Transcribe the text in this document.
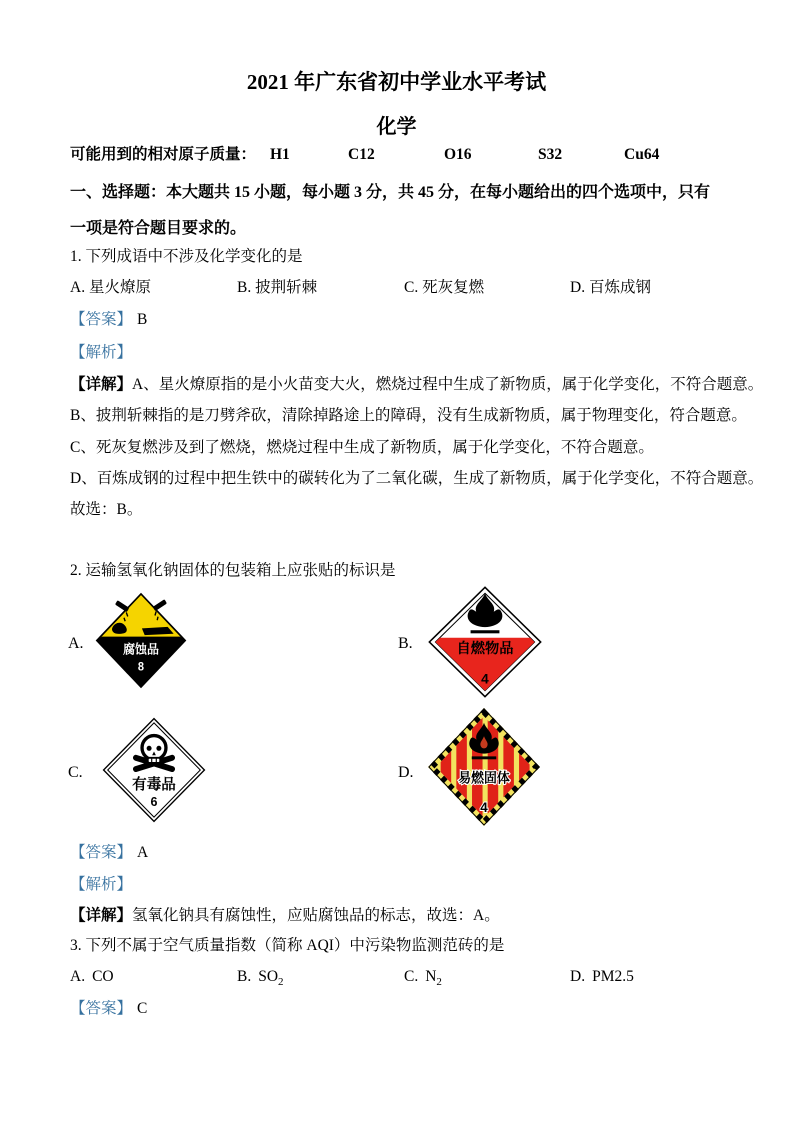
2021 年广东省初中学业水平考试
化学
可能用到的相对原子质量： H1	C12	O16	S32	Cu64
一、选择题：本大题共 15 小题，每小题 3 分，共 45 分，在每小题给出的四个选项中，只有
一项是符合题目要求的。
1. 下列成语中不涉及化学变化的是
A. 星火燎原	B. 披荆斩棘	C. 死灰复燃	D. 百炼成钢
【答案】 B
【解析】
【详解】A、星火燎原指的是小火苗变大火，燃烧过程中生成了新物质，属于化学变化，不符合题意。
B、披荆斩棘指的是刀劈斧砍，清除掉路途上的障碍，没有生成新物质，属于物理变化，符合题意。
C、死灰复燃涉及到了燃烧，燃烧过程中生成了新物质，属于化学变化，不符合题意。
D、百炼成钢的过程中把生铁中的碳转化为了二氧化碳，生成了新物质，属于化学变化，不符合题意。
故选：B。
2. 运输氢氧化钠固体的包装箱上应张贴的标识是
A.	B.
C.	D.
腐蚀品
8
自燃物品
4
有毒品
6
易燃固体
4
【答案】 A
【解析】
【详解】氢氧化钠具有腐蚀性，应贴腐蚀品的标志，故选：A。
3. 下列不属于空气质量指数（简称 AQI）中污染物监测范砖的是
A. CO	B. $SO_2$	C. $N_2$	D. PM2.5
【答案】 C
